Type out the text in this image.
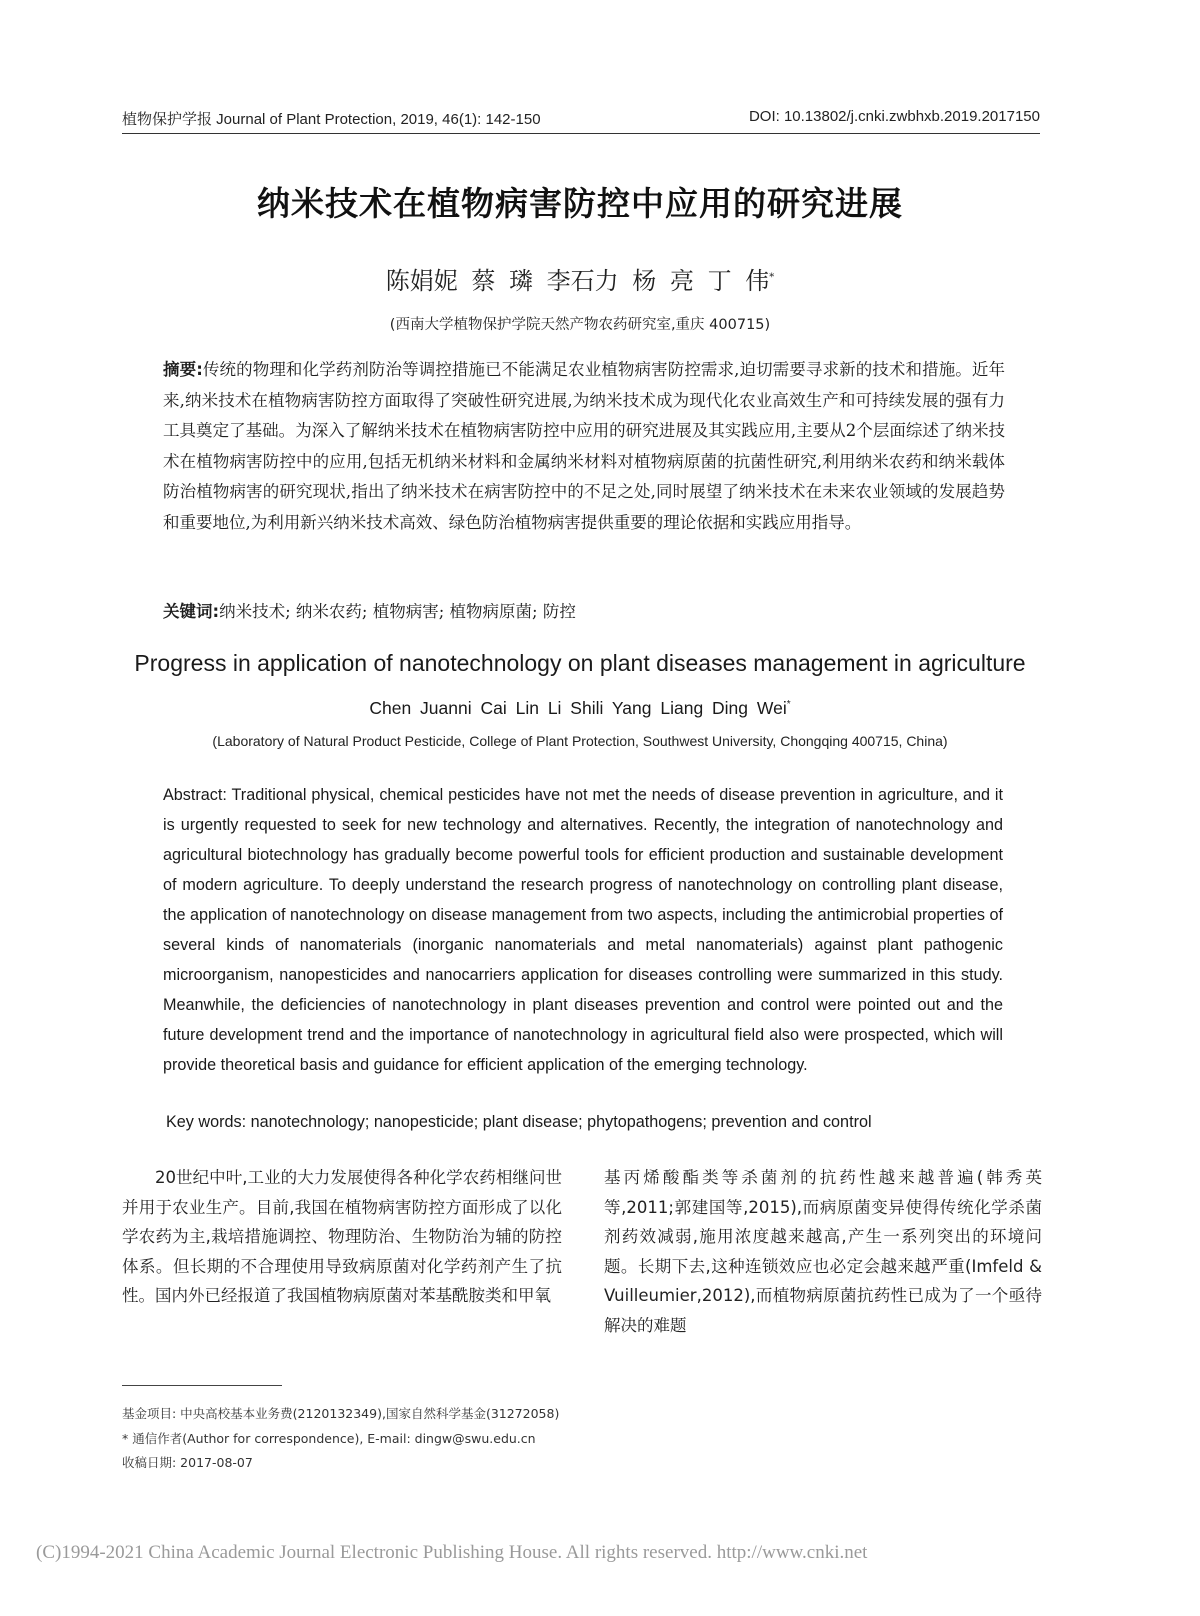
植物保护学报 Journal of Plant Protection, 2019, 46(1): 142-150	DOI: 10.13802/j.cnki.zwbhxb.2019.2017150
纳米技术在植物病害防控中应用的研究进展
陈娟妮 蔡 璘 李石力 杨 亮 丁 伟*
(西南大学植物保护学院天然产物农药研究室,重庆 400715)
摘要:传统的物理和化学药剂防治等调控措施已不能满足农业植物病害防控需求,迫切需要寻求新的技术和措施。近年来,纳米技术在植物病害防控方面取得了突破性研究进展,为纳米技术成为现代化农业高效生产和可持续发展的强有力工具奠定了基础。为深入了解纳米技术在植物病害防控中应用的研究进展及其实践应用,主要从2个层面综述了纳米技术在植物病害防控中的应用,包括无机纳米材料和金属纳米材料对植物病原菌的抗菌性研究,利用纳米农药和纳米载体防治植物病害的研究现状,指出了纳米技术在病害防控中的不足之处,同时展望了纳米技术在未来农业领域的发展趋势和重要地位,为利用新兴纳米技术高效、绿色防治植物病害提供重要的理论依据和实践应用指导。
关键词:纳米技术; 纳米农药; 植物病害; 植物病原菌; 防控
Progress in application of nanotechnology on plant diseases management in agriculture
Chen Juanni Cai Lin Li Shili Yang Liang Ding Wei*
(Laboratory of Natural Product Pesticide, College of Plant Protection, Southwest University, Chongqing 400715, China)
Abstract: Traditional physical, chemical pesticides have not met the needs of disease prevention in agriculture, and it is urgently requested to seek for new technology and alternatives. Recently, the integration of nanotechnology and agricultural biotechnology has gradually become powerful tools for efficient production and sustainable development of modern agriculture. To deeply understand the research progress of nanotechnology on controlling plant disease, the application of nanotechnology on disease management from two aspects, including the antimicrobial properties of several kinds of nanomaterials (inorganic nanomaterials and metal nanomaterials) against plant pathogenic microorganism, nanopesticides and nanocarriers application for diseases controlling were summarized in this study. Meanwhile, the deficiencies of nanotechnology in plant diseases prevention and control were pointed out and the future development trend and the importance of nanotechnology in agricultural field also were prospected, which will provide theoretical basis and guidance for efficient application of the emerging technology.
Key words: nanotechnology; nanopesticide; plant disease; phytopathogens; prevention and control
20世纪中叶,工业的大力发展使得各种化学农药相继问世并用于农业生产。目前,我国在植物病害防控方面形成了以化学农药为主,栽培措施调控、物理防治、生物防治为辅的防控体系。但长期的不合理使用导致病原菌对化学药剂产生了抗性。国内外已经报道了我国植物病原菌对苯基酰胺类和甲氧
基丙烯酸酯类等杀菌剂的抗药性越来越普遍(韩秀英等,2011;郭建国等,2015),而病原菌变异使得传统化学杀菌剂药效减弱,施用浓度越来越高,产生一系列突出的环境问题。长期下去,这种连锁效应也必定会越来越严重(Imfeld & Vuilleumier,2012),而植物病原菌抗药性已成为了一个亟待解决的难题
基金项目: 中央高校基本业务费(2120132349),国家自然科学基金(31272058)
* 通信作者(Author for correspondence), E-mail: dingw@swu.edu.cn
收稿日期: 2017-08-07
(C)1994-2021 China Academic Journal Electronic Publishing House. All rights reserved. http://www.cnki.net
